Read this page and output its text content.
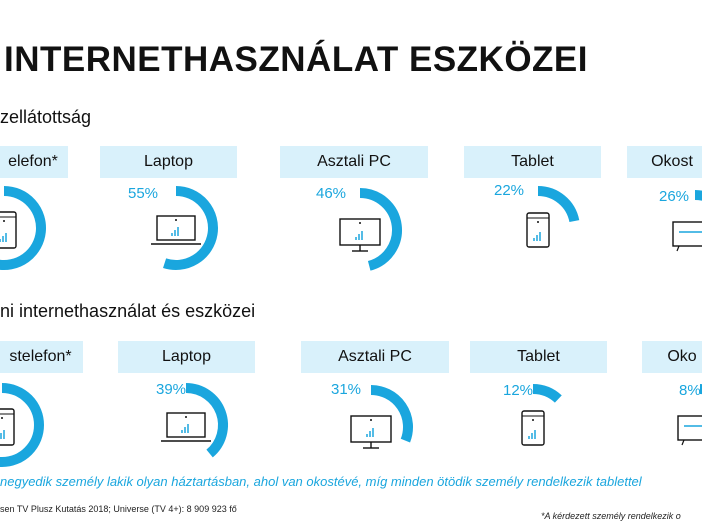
INTERNETHASZNÁLAT ESZKÖZEI
zellátottság
ni internethasználat és eszközei
elefon*	Laptop
55%
Asztali PC
46%
Tablet
22%
Okost
26%
stelefon*	Laptop
39%
Asztali PC
31%
Tablet
12%
Oko
8%
negyedik személy lakik olyan háztartásban, ahol van okostévé, míg minden ötödik személy rendelkezik tablettel
sen TV Plusz Kutatás 2018; Universe (TV 4+): 8 909 923 fő
*A kérdezett személy rendelkezik o
